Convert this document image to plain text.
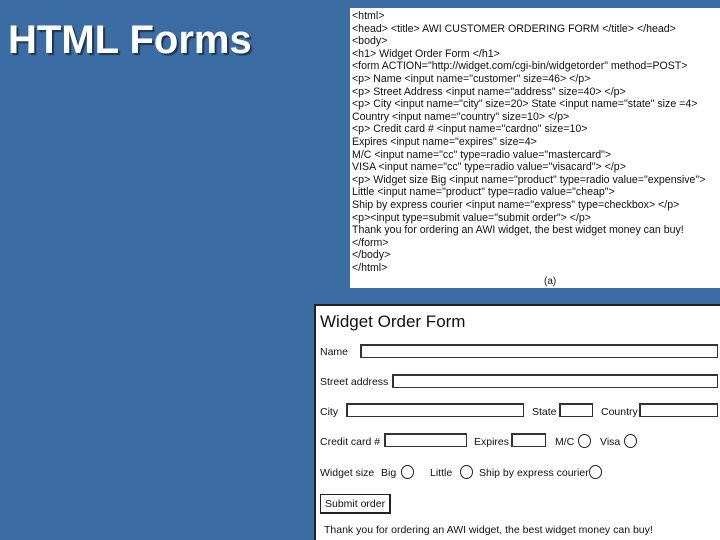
HTML Forms
<html>
<head> <title> AWI CUSTOMER ORDERING FORM </title> </head>
<body>
<h1> Widget Order Form </h1>
<form ACTION="http://widget.com/cgi-bin/widgetorder" method=POST>
<p> Name <input name="customer" size=46> </p>
<p> Street Address <input name="address" size=40> </p>
<p> City <input name="city" size=20> State <input name="state" size =4>
Country <input name="country" size=10> </p>
<p> Credit card # <input name="cardno" size=10>
Expires <input name="expires" size=4>
M/C <input name="cc" type=radio value="mastercard">
VISA <input name="cc" type=radio value="visacard"> </p>
<p> Widget size Big <input name="product" type=radio value="expensive">
Little <input name="product" type=radio value="cheap">
Ship by express courier <input name="express" type=checkbox> </p>
<p><input type=submit value="submit order"> </p>
Thank you for ordering an AWI widget, the best widget money can buy!
</form>
</body>
</html>
(a)
Widget Order Form
Name
Street address
City	State	Country
Credit card #	Expires	M/C Visa
Widget size Big	Little	Ship by express courier
Submit order
Thank you for ordering an AWI widget, the best widget money can buy!
